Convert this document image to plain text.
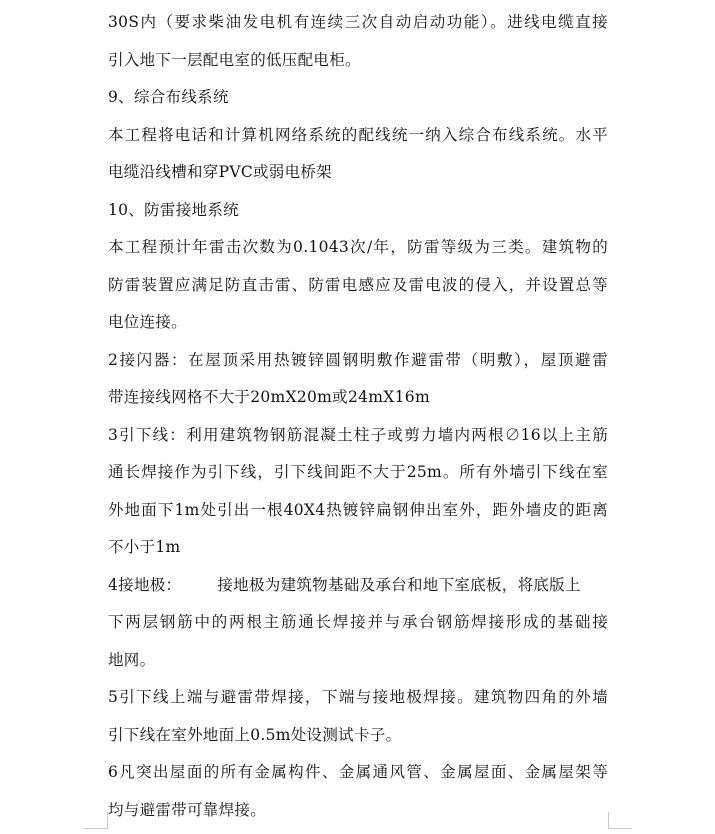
30S内（要求柴油发电机有连续三次自动启动功能）。进线电缆直接
引入地下一层配电室的低压配电柜。
9、综合布线系统
本工程将电话和计算机网络系统的配线统一纳入综合布线系统。水平
电缆沿线槽和穿PVC或弱电桥架
10、防雷接地系统
本工程预计年雷击次数为0.1043次/年，防雷等级为三类。建筑物的
防雷装置应满足防直击雷、防雷电感应及雷电波的侵入，并设置总等
电位连接。
2接闪器：在屋顶采用热镀锌圆钢明敷作避雷带（明敷），屋顶避雷
带连接线网格不大于20mX20m或24mX16m
3引下线：利用建筑物钢筋混凝土柱子或剪力墙内两根∅16以上主筋
通长焊接作为引下线，引下线间距不大于25m。所有外墙引下线在室
外地面下1m处引出一根40X4热镀锌扁钢伸出室外，距外墙皮的距离
不小于1m
4接地极： 接地极为建筑物基础及承台和地下室底板，将底版上
下两层钢筋中的两根主筋通长焊接并与承台钢筋焊接形成的基础接
地网。
5引下线上端与避雷带焊接，下端与接地极焊接。建筑物四角的外墙
引下线在室外地面上0.5m处设测试卡子。
6凡突出屋面的所有金属构件、金属通风管、金属屋面、金属屋架等
均与避雷带可靠焊接。
